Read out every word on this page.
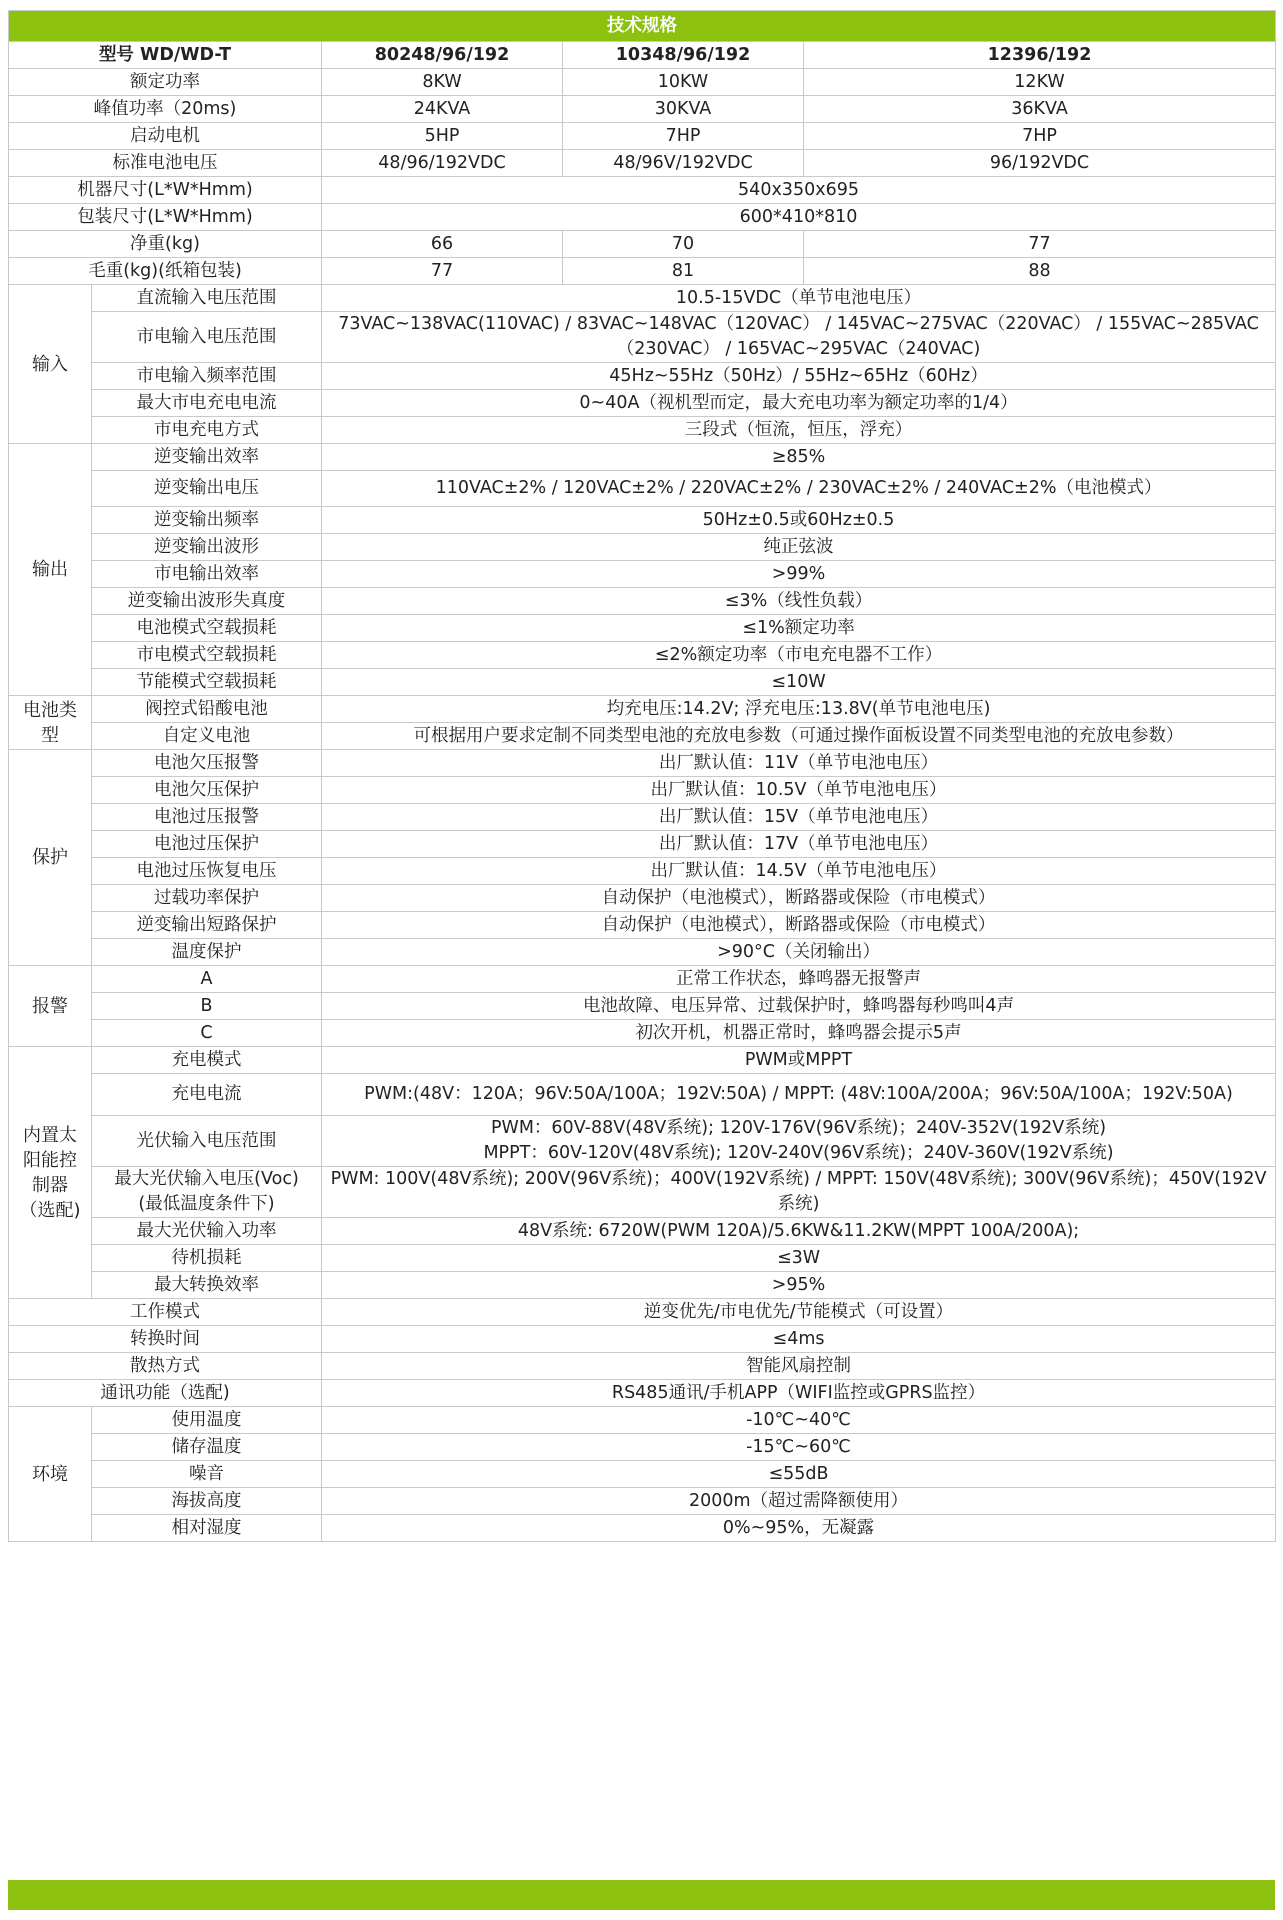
技术规格				
型号 WD/WD-T		80248/96/192	10348/96/192	12396/192
额定功率		8KW	10KW	12KW
峰值功率（20ms)		24KVA	30KVA	36KVA
启动电机		5HP	7HP	7HP
标准电池电压		48/96/192VDC	48/96V/192VDC	96/192VDC
机器尺寸(L*W*Hmm)		540x350x695		
包装尺寸(L*W*Hmm)		600*410*810		
净重(kg)		66	70	77
毛重(kg)(纸箱包装)		77	81	88
输入	直流输入电压范围	10.5-15VDC（单节电池电压）		

	市电输入电压范围	73VAC~138VAC(110VAC) / 83VAC~148VAC（120VAC） / 145VAC~275VAC（220VAC） / 155VAC~285VAC（230VAC） / 165VAC~295VAC（240VAC)		

	市电输入频率范围	45Hz~55Hz（50Hz）/ 55Hz~65Hz（60Hz）		

	最大市电充电电流	0~40A（视机型而定，最大充电功率为额定功率的1/4）		

	市电充电方式	三段式（恒流，恒压，浮充）		

输出	逆变输出效率	≥85%		

	逆变输出电压	110VAC±2% / 120VAC±2% / 220VAC±2% / 230VAC±2% / 240VAC±2%（电池模式）		

	逆变输出频率	50Hz±0.5或60Hz±0.5		

	逆变输出波形	纯正弦波		

	市电输出效率	>99%		

	逆变输出波形失真度	≤3%（线性负载）		

	电池模式空载损耗	≤1%额定功率		

	市电模式空载损耗	≤2%额定功率（市电充电器不工作）		

	节能模式空载损耗	≤10W		

电池类型	阀控式铅酸电池	均充电压:14.2V; 浮充电压:13.8V(单节电池电压)		

	自定义电池	可根据用户要求定制不同类型电池的充放电参数（可通过操作面板设置不同类型电池的充放电参数）		

保护	电池欠压报警	出厂默认值：11V（单节电池电压）		

	电池欠压保护	出厂默认值：10.5V（单节电池电压）		

	电池过压报警	出厂默认值：15V（单节电池电压）		

	电池过压保护	出厂默认值：17V（单节电池电压）		

	电池过压恢复电压	出厂默认值：14.5V（单节电池电压）		

	过载功率保护	自动保护（电池模式），断路器或保险（市电模式）		

	逆变输出短路保护	自动保护（电池模式），断路器或保险（市电模式）		

	温度保护	>90°C（关闭输出）		

报警	A	正常工作状态，蜂鸣器无报警声		

	B	电池故障、电压异常、过载保护时，蜂鸣器每秒鸣叫4声		

	C	初次开机，机器正常时，蜂鸣器会提示5声		

内置太阳能控制器（选配)	充电模式	PWM或MPPT		

	充电电流	PWM:(48V：120A；96V:50A/100A；192V:50A) / MPPT: (48V:100A/200A；96V:50A/100A；192V:50A)		

	光伏输入电压范围	PWM：60V-88V(48V系统); 120V-176V(96V系统)；240V-352V(192V系统)
MPPT：60V-120V(48V系统); 120V-240V(96V系统)；240V-360V(192V系统)		

	最大光伏输入电压(Voc)
(最低温度条件下)	PWM: 100V(48V系统); 200V(96V系统)；400V(192V系统) / MPPT: 150V(48V系统); 300V(96V系统)；450V(192V系统)		

	最大光伏输入功率	48V系统: 6720W(PWM 120A)/5.6KW&11.2KW(MPPT 100A/200A);		

	待机损耗	≤3W		

	最大转换效率	>95%		

工作模式		逆变优先/市电优先/节能模式（可设置）		
转换时间		≤4ms		
散热方式		智能风扇控制		
通讯功能（选配)		RS485通讯/手机APP（WIFI监控或GPRS监控）		
环境	使用温度	-10℃~40℃		

	储存温度	-15℃~60℃		

	噪音	≤55dB		

	海拔高度	2000m（超过需降额使用）		

	相对湿度	0%~95%，无凝露		
